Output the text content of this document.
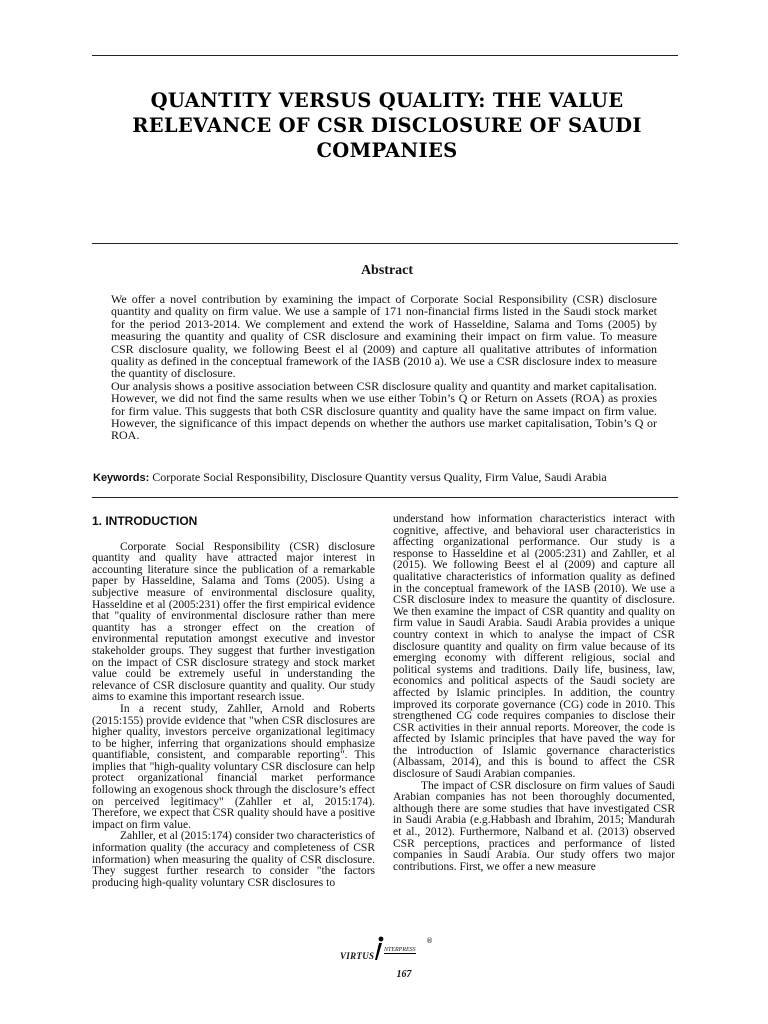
QUANTITY VERSUS QUALITY: THE VALUE RELEVANCE OF CSR DISCLOSURE OF SAUDI COMPANIES
Abstract

We offer a novel contribution by examining the impact of Corporate Social Responsibility (CSR) disclosure quantity and quality on firm value. We use a sample of 171 non-financial firms listed in the Saudi stock market for the period 2013-2014. We complement and extend the work of Hasseldine, Salama and Toms (2005) by measuring the quantity and quality of CSR disclosure and examining their impact on firm value. To measure CSR disclosure quality, we following Beest el al (2009) and capture all qualitative attributes of information quality as defined in the conceptual framework of the IASB (2010 a). We use a CSR disclosure index to measure the quantity of disclosure.

Our analysis shows a positive association between CSR disclosure quality and quantity and market capitalisation. However, we did not find the same results when we use either Tobin’s Q or Return on Assets (ROA) as proxies for firm value. This suggests that both CSR disclosure quantity and quality have the same impact on firm value. However, the significance of this impact depends on whether the authors use market capitalisation, Tobin’s Q or ROA.

Keywords: Corporate Social Responsibility, Disclosure Quantity versus Quality, Firm Value, Saudi Arabia

1. INTRODUCTION

Corporate Social Responsibility (CSR) disclosure quantity and quality have attracted major interest in accounting literature since the publication of a remarkable paper by Hasseldine, Salama and Toms (2005). Using a subjective measure of environmental disclosure quality, Hasseldine et al (2005:231) offer the first empirical evidence that "quality of environmental disclosure rather than mere quantity has a stronger effect on the creation of environmental reputation amongst executive and investor stakeholder groups. They suggest that further investigation on the impact of CSR disclosure strategy and stock market value could be extremely useful in understanding the relevance of CSR disclosure quantity and quality. Our study aims to examine this important research issue.

In a recent study, Zahller, Arnold and Roberts (2015:155) provide evidence that "when CSR disclosures are higher quality, investors perceive organizational legitimacy to be higher, inferring that organizations should emphasize quantifiable, consistent, and comparable reporting". This implies that "high-quality voluntary CSR disclosure can help protect organizational financial market performance following an exogenous shock through the disclosure’s effect on perceived legitimacy" (Zahller et al, 2015:174). Therefore, we expect that CSR quality should have a positive impact on firm value.

Zahller, et al (2015:174) consider two characteristics of information quality (the accuracy and completeness of CSR information) when measuring the quality of CSR disclosure. They suggest further research to consider "the factors producing high-quality voluntary CSR disclosures to

understand how information characteristics interact with cognitive, affective, and behavioral user characteristics in affecting organizational performance. Our study is a response to Hasseldine et al (2005:231) and Zahller, et al (2015). We following Beest el al (2009) and capture all qualitative characteristics of information quality as defined in the conceptual framework of the IASB (2010). We use a CSR disclosure index to measure the quantity of disclosure. We then examine the impact of CSR quantity and quality on firm value in Saudi Arabia. Saudi Arabia provides a unique country context in which to analyse the impact of CSR disclosure quantity and quality on firm value because of its emerging economy with different religious, social and political systems and traditions. Daily life, business, law, economics and political aspects of the Saudi society are affected by Islamic principles. In addition, the country improved its corporate governance (CG) code in 2010. This strengthened CG code requires companies to disclose their CSR activities in their annual reports. Moreover, the code is affected by Islamic principles that have paved the way for the introduction of Islamic governance characteristics (Albassam, 2014), and this is bound to affect the CSR disclosure of Saudi Arabian companies.

The impact of CSR disclosure on firm values of Saudi Arabian companies has not been thoroughly documented, although there are some studies that have investigated CSR in Saudi Arabia (e.g.Habbash and Ibrahim, 2015; Mandurah et al., 2012). Furthermore, Nalband et al. (2013) observed CSR perceptions, practices and performance of listed companies in Saudi Arabia. Our study offers two major contributions. First, we offer a new measure

VIRTUS
NTERPRESS
®
167
